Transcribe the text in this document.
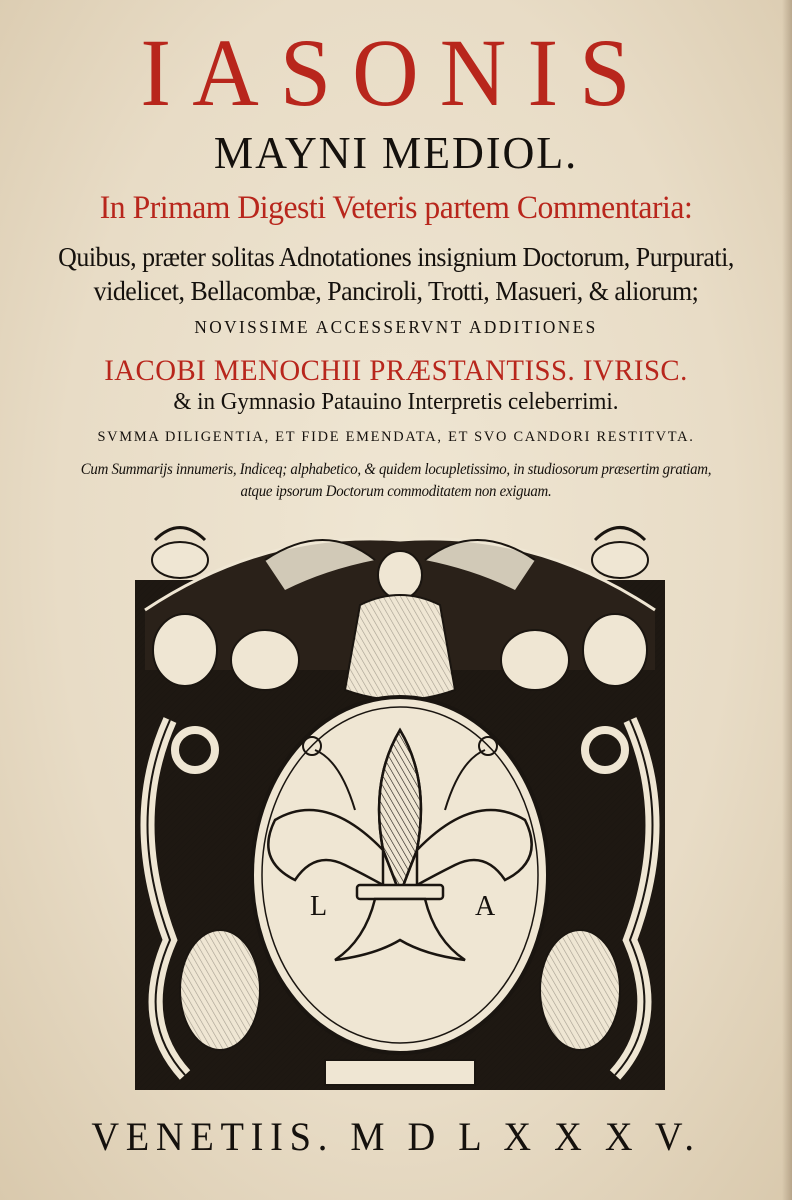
IASONIS
MAYNI MEDIOL.
In Primam Digesti Veteris partem Commentaria:
Quibus, præter solitas Adnotationes insignium Doctorum, Purpurati,
videlicet, Bellacombæ, Panciroli, Trotti, Masueri, & aliorum;
NOVISSIME ACCESSERVNT ADDITIONES
IACOBI MENOCHII PRÆSTANTISS. IVRISC.
& in Gymnasio Patauino Interpretis celeberrimi.
SVMMA DILIGENTIA, ET FIDE EMENDATA, ET SVO CANDORI RESTITVTA.
Cum Summarijs innumeris, Indiceq; alphabetico, & quidem locupletissimo, in studiosorum præsertim gratiam,
atque ipsorum Doctorum commoditatem non exiguam.
L	A
VENETIIS. M D L X X X V.
